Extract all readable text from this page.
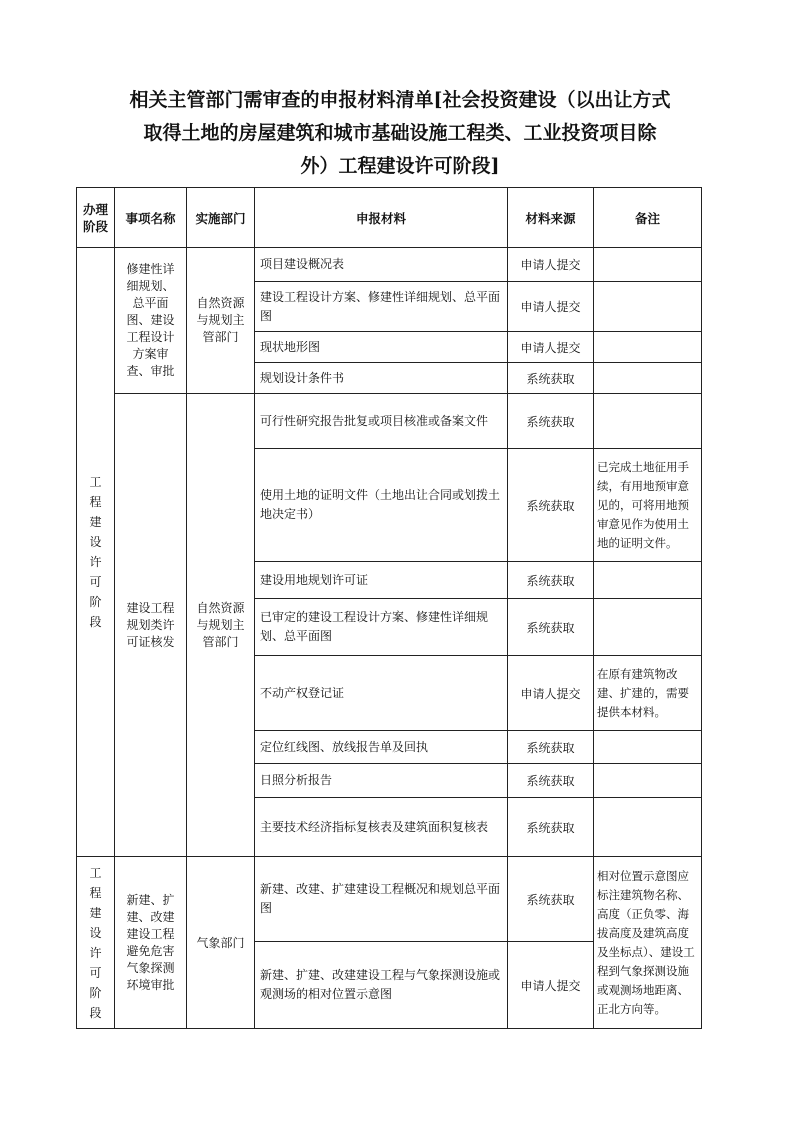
相关主管部门需审查的申报材料清单[社会投资建设（以出让方式
取得土地的房屋建筑和城市基础设施工程类、工业投资项目除
外）工程建设许可阶段]
办理阶段	事项名称	实施部门	申报材料	材料来源	备注
工程建设许可阶段	修建性详细规划、总平面图、建设工程设计方案审查、审批	自然资源与规划主管部门	项目建设概况表	申请人提交	
			建设工程设计方案、修建性详细规划、总平面图	申请人提交	
			现状地形图	申请人提交	
			规划设计条件书	系统获取	
	建设工程规划类许可证核发	自然资源与规划主管部门	可行性研究报告批复或项目核准或备案文件	系统获取	
			使用土地的证明文件（土地出让合同或划拨土地决定书）	系统获取	已完成土地征用手续，有用地预审意见的，可将用地预审意见作为使用土地的证明文件。
			建设用地规划许可证	系统获取	
			已审定的建设工程设计方案、修建性详细规划、总平面图	系统获取	
			不动产权登记证	申请人提交	在原有建筑物改建、扩建的，需要提供本材料。
			定位红线图、放线报告单及回执	系统获取	
			日照分析报告	系统获取	
			主要技术经济指标复核表及建筑面积复核表	系统获取	
工程建设许可阶段	新建、扩建、改建建设工程避免危害气象探测环境审批	气象部门	新建、改建、扩建建设工程概况和规划总平面图	系统获取	相对位置示意图应标注建筑物名称、高度（正负零、海拔高度及建筑高度及坐标点）、建设工程到气象探测设施或观测场地距离、正北方向等。
			新建、扩建、改建建设工程与气象探测设施或观测场的相对位置示意图	申请人提交	
